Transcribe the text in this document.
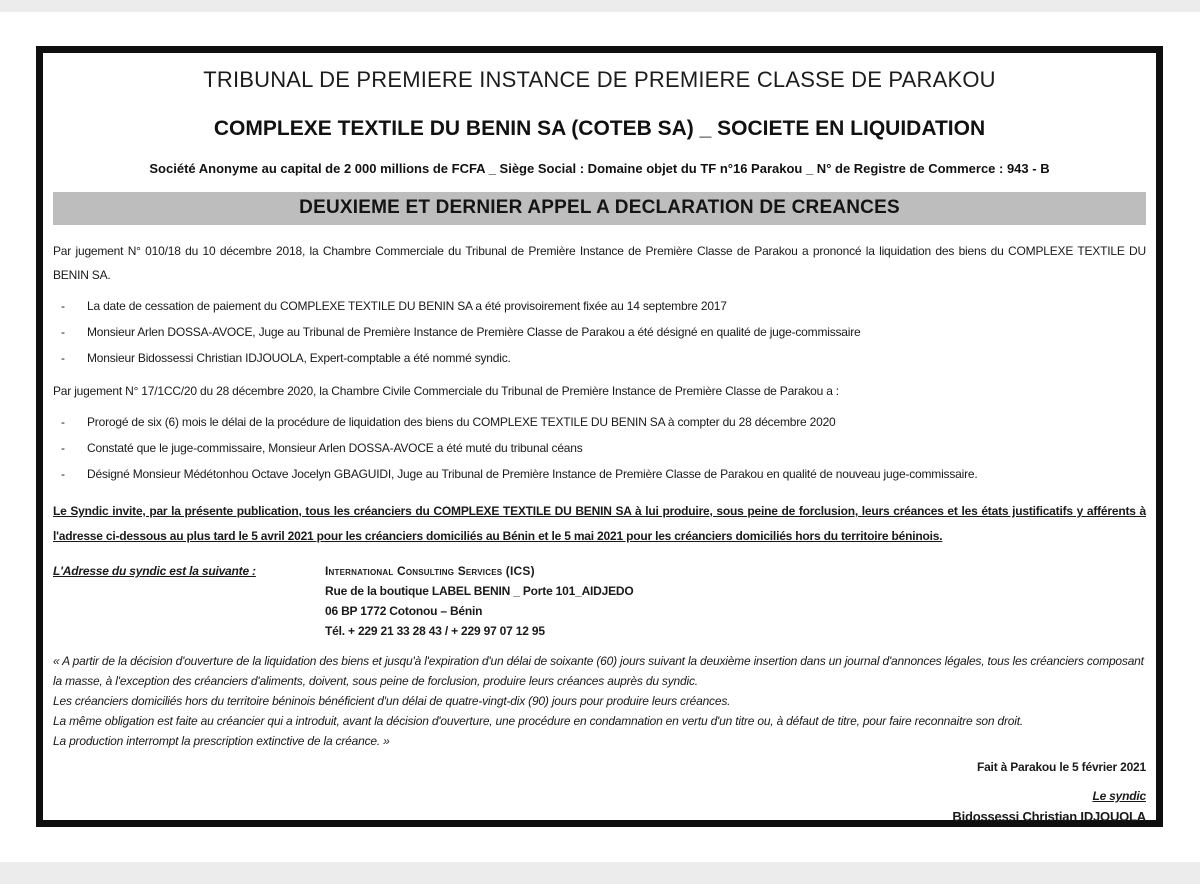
TRIBUNAL DE PREMIERE INSTANCE DE PREMIERE CLASSE DE PARAKOU
COMPLEXE TEXTILE DU BENIN SA (COTEB SA) _ SOCIETE EN LIQUIDATION
Société Anonyme au capital de 2 000 millions de FCFA _ Siège Social : Domaine objet du TF n°16 Parakou _ N° de Registre de Commerce : 943 - B
DEUXIEME ET DERNIER APPEL A DECLARATION DE CREANCES
Par jugement N° 010/18 du 10 décembre 2018, la Chambre Commerciale du Tribunal de Première Instance de Première Classe de Parakou a prononcé la liquidation des biens du COMPLEXE TEXTILE DU BENIN SA.
-	La date de cessation de paiement du COMPLEXE TEXTILE DU BENIN SA a été provisoirement fixée au 14 septembre 2017
-	Monsieur Arlen DOSSA-AVOCE, Juge au Tribunal de Première Instance de Première Classe de Parakou a été désigné en qualité de juge-commissaire
-	Monsieur Bidossessi Christian IDJOUOLA, Expert-comptable a été nommé syndic.
Par jugement N° 17/1CC/20 du 28 décembre 2020, la Chambre Civile Commerciale du Tribunal de Première Instance de Première Classe de Parakou a :
-	Prorogé de six (6) mois le délai de la procédure de liquidation des biens du COMPLEXE TEXTILE DU BENIN SA à compter du 28 décembre 2020
-	Constaté que le juge-commissaire, Monsieur Arlen DOSSA-AVOCE a été muté du tribunal céans
-	Désigné Monsieur Médétonhou Octave Jocelyn GBAGUIDI, Juge au Tribunal de Première Instance de Première Classe de Parakou en qualité de nouveau juge-commissaire.
Le Syndic invite, par la présente publication, tous les créanciers du COMPLEXE TEXTILE DU BENIN SA à lui produire, sous peine de forclusion, leurs créances et les états justificatifs y afférents à l'adresse ci-dessous au plus tard le 5 avril 2021 pour les créanciers domiciliés au Bénin et le 5 mai 2021 pour les créanciers domiciliés hors du territoire béninois.
L'Adresse du syndic est la suivante :	International Consulting Services (ICS)
Rue de la boutique LABEL BENIN _ Porte 101_AIDJEDO
06 BP 1772 Cotonou – Bénin
Tél. + 229 21 33 28 43 / + 229 97 07 12 95
« A partir de la décision d'ouverture de la liquidation des biens et jusqu'à l'expiration d'un délai de soixante (60) jours suivant la deuxième insertion dans un journal d'annonces légales, tous les créanciers composant la masse, à l'exception des créanciers d'aliments, doivent, sous peine de forclusion, produire leurs créances auprès du syndic.
Les créanciers domiciliés hors du territoire béninois bénéficient d'un délai de quatre-vingt-dix (90) jours pour produire leurs créances.
La même obligation est faite au créancier qui a introduit, avant la décision d'ouverture, une procédure en condamnation en vertu d'un titre ou, à défaut de titre, pour faire reconnaitre son droit.
La production interrompt la prescription extinctive de la créance. »
Fait à Parakou le 5 février 2021
Le syndic
Bidossessi Christian IDJOUOLA
